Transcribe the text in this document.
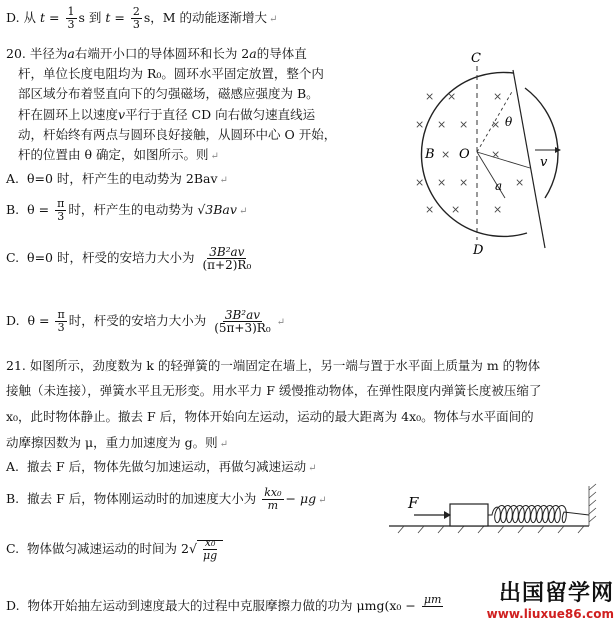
D. 从 $t = \frac{1}{3}$ s 到 $t = \frac{2}{3}$ s，M 的动能逐渐增大 ↵
20. 半径为a右端开小口的导体圆环和长为 2a的导体直
杆，单位长度电阻均为 R₀。圆环水平固定放置，整个内
部区域分布着竖直向下的匀强磁场，磁感应强度为 B。
杆在圆环上以速度v平行于直径 CD 向右做匀速直线运
动，杆始终有两点与圆环良好接触，从圆环中心 O 开始，
杆的位置由 θ 确定，如图所示。则 ↵
A. θ=0 时，杆产生的电动势为 2Bav ↵
B. $\theta = \frac{\pi}{3}$ 时，杆产生的电动势为 √3Bav ↵
C. θ=0 时，杆受的安培力大小为 $\frac{\text{3B²av}}{\text{(π+2)R₀}}$
D. $\theta = \frac{\pi}{3}$ 时，杆受的安培力大小为 $\frac{\text{3B²av}}{\text{(5π+3)R₀}}$ ↵
C
D
B O
θ
v
a
× ×	×
× × × ×
×	×
× × ×	×
× ×	×
21. 如图所示，劲度数为 k 的轻弹簧的一端固定在墙上，另一端与置于水平面上质量为 m 的物体
接触（未连接），弹簧水平且无形变。用水平力 F 缓慢推动物体，在弹性限度内弹簧长度被压缩了
x₀，此时物体静止。撤去 F 后，物体开始向左运动，运动的最大距离为 4x₀。物体与水平面间的
动摩擦因数为 μ，重力加速度为 g。则 ↵
A. 撤去 F 后，物体先做匀加速运动，再做匀减速运动 ↵
B. 撤去 F 后，物体刚运动时的加速度大小为 $\frac{\text{kx₀}}{m} - \mu g$ ↵
C. 物体做匀减速运动的时间为 $2√ \frac{\text{x₀}}{\mu g}$
D. 物体开始抽左运动到速度最大的过程中克服摩擦力做的功为 μmg(x₀ − μm

F
出国留学网
www.liuxue86.com
